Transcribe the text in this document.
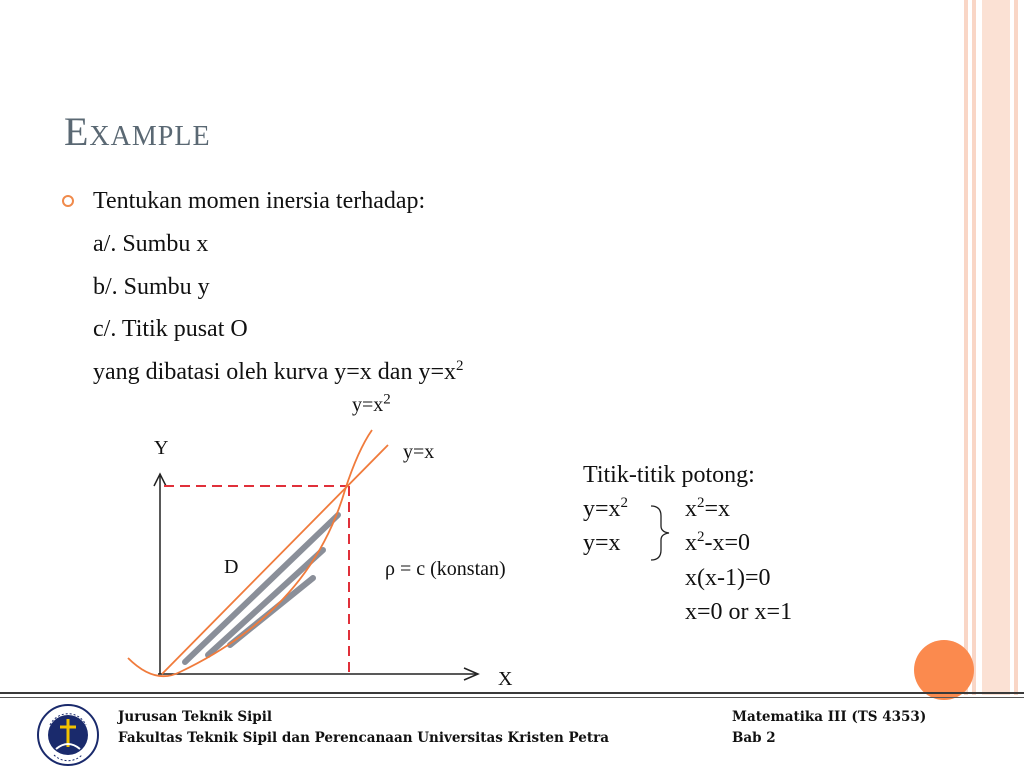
Example
Tentukan momen inersia terhadap:
a/. Sumbu x
b/. Sumbu y
c/. Titik pusat O
yang dibatasi oleh kurva y=x dan $y=x^2$
$y=x^2$
y=x
Y
X
D	ρ = c (konstan)
Titik-titik potong:
$y=x^2$
y=x
$x^2=x$
$x^2-x=0$
x(x-1)=0
x=0 or x=1
Jurusan Teknik Sipil
Fakultas Teknik Sipil dan Perencanaan Universitas Kristen Petra
Matematika III (TS 4353)
Bab 2
